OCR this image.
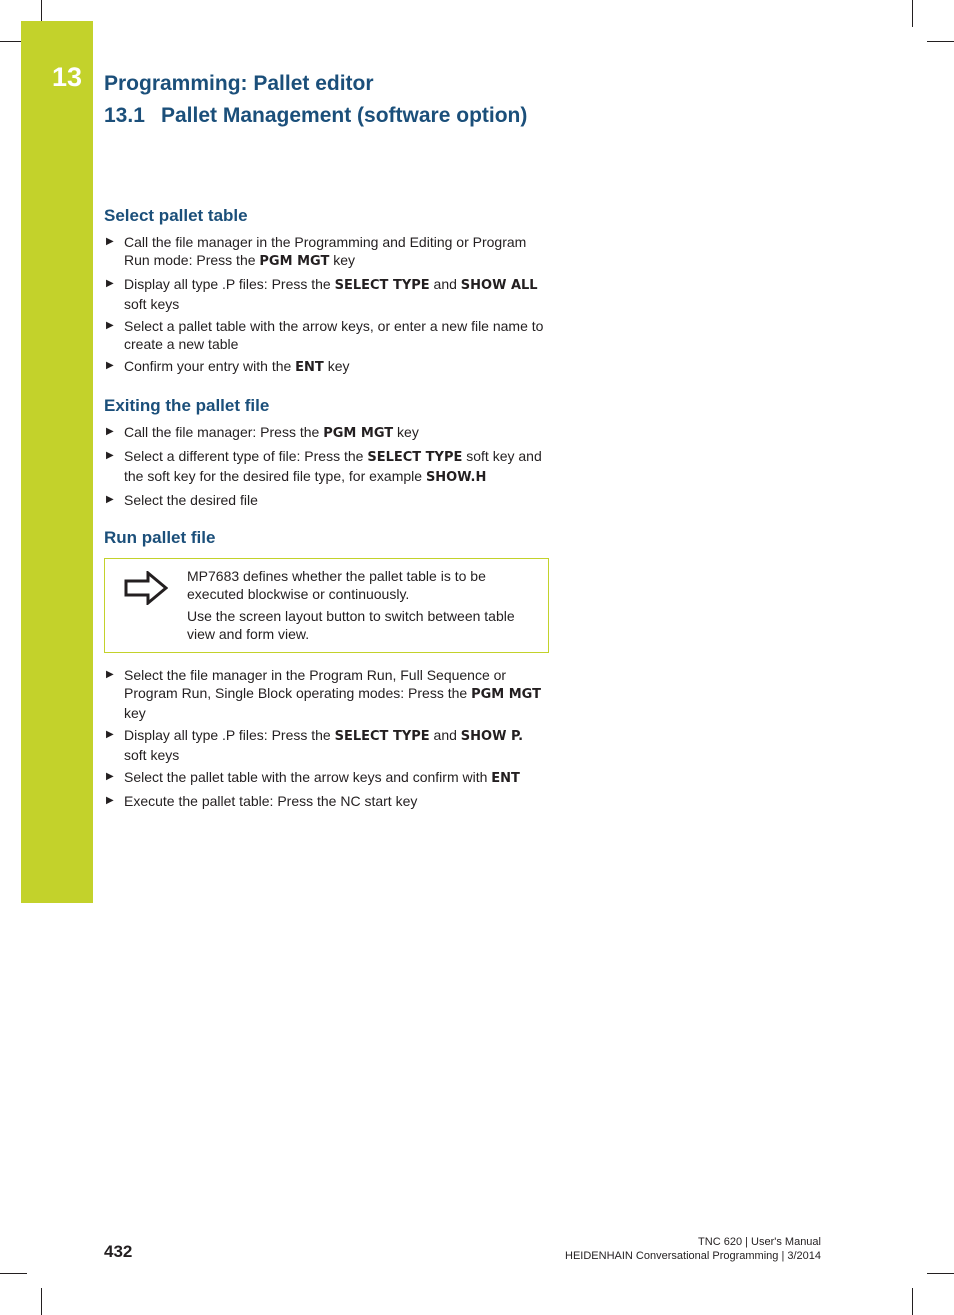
13 Programming: Pallet editor
13.1 Pallet Management (software option)
Select pallet table
▶ Call the file manager in the Programming and Editing or Program Run mode: Press the PGM MGT key
▶ Display all type .P files: Press the SELECT TYPE and SHOW ALL soft keys
▶ Select a pallet table with the arrow keys, or enter a new file name to create a new table
▶ Confirm your entry with the ENT key
Exiting the pallet file
▶ Call the file manager: Press the PGM MGT key
▶ Select a different type of file: Press the SELECT TYPE soft key and the soft key for the desired file type, for example SHOW.H
▶ Select the desired file
Run pallet file

MP7683 defines whether the pallet table is to be executed blockwise or continuously.

Use the screen layout button to switch between table view and form view.

▶ Select the file manager in the Program Run, Full Sequence or Program Run, Single Block operating modes: Press the PGM MGT key
▶ Display all type .P files: Press the SELECT TYPE and SHOW P. soft keys
▶ Select the pallet table with the arrow keys and confirm with ENT
▶ Execute the pallet table: Press the NC start key
432	TNC 620 | User's Manual
HEIDENHAIN Conversational Programming | 3/2014
